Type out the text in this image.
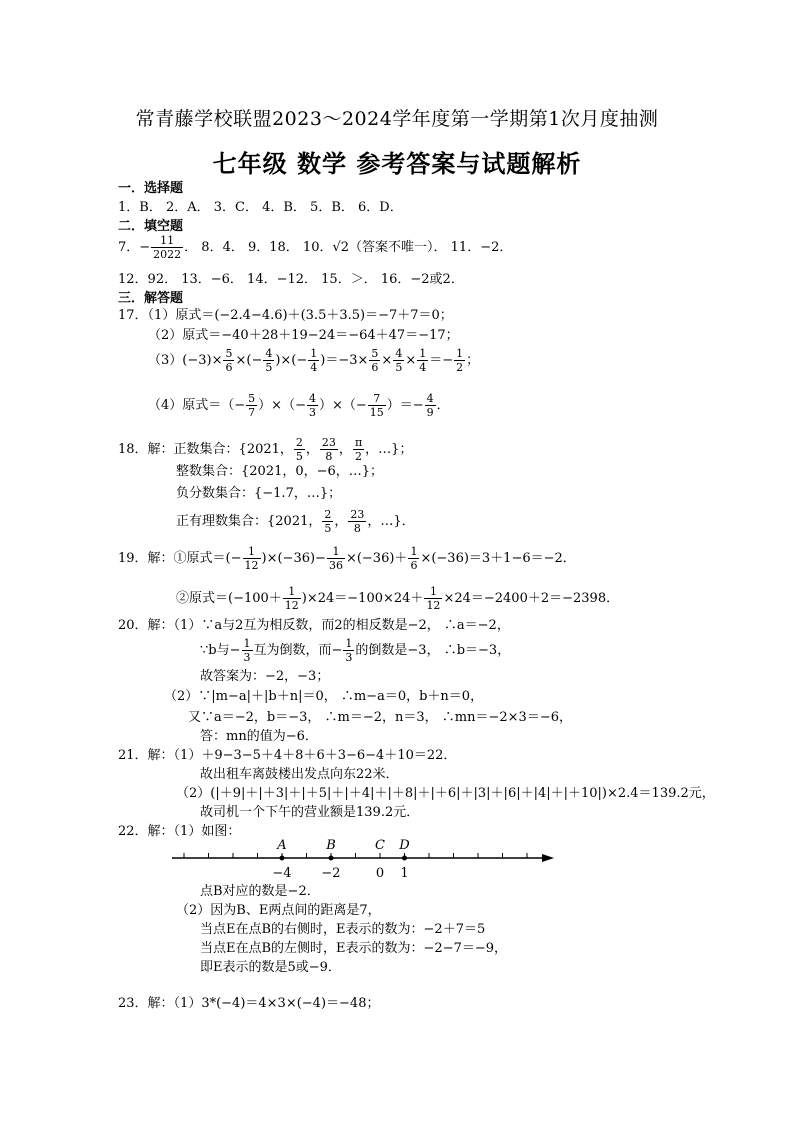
常青藤学校联盟2023～2024学年度第一学期第1次月度抽测
七年级 数学 参考答案与试题解析
一．选择题
1．B． 2．A． 3．C． 4．B． 5．B． 6．D．
二．填空题
7．− $\frac{11}{2022}$ ． 8．4． 9．18． 10．√2（答案不唯一）． 11．−2．
12．92． 13．−6． 14．−12． 15．＞． 16．−2或2．
三．解答题
17．（1）原式＝(−2.4−4.6)＋(3.5＋3.5)＝−7＋7＝0；
（2）原式＝−40＋28＋19−24＝−64＋47＝−17；
$(3)(-3)\times \frac{5}{6}$ ×(− $\frac{4}{5}$ )×(− $\frac{1}{4} )=-3\times \frac{5}{6} \times \frac{4}{5} \times \frac{1}{4} =- \frac{1}{2}$ ；
（4）原式＝（− $\frac{5}{7}$ ）×（− $\frac{4}{3}$ ）×（− $\frac{7}{15}$ ）＝− $\frac{4}{9}$ ．
18．解：正数集合：{2021， $\frac{2}{5}$ ， $\frac{23}{8}$ ， $\frac{\pi}{2}$ ，…}；
整数集合：{2021，0，−6，…}；
负分数集合：{−1.7，…}；
正有理数集合：{2021， $\frac{2}{5}$ ， $\frac{23}{8}$ ，…}．
19．解：①原式＝(− $\frac{1}{12} )\times(-36)- \frac{1}{36} \times(-36)+ \frac{1}{6} \times(-36)=3+1-6=-2$．
②原式$=(-100+ \frac{1}{12} )\times 24=-100\times 24+ \frac{1}{12} \times 24=-2400+2=-2398$．
20．解：（1）∵a与2互为相反数，而2的相反数是−2， ∴a＝−2，
∵b与− $\frac{1}{3}$ 互为倒数，而− $\frac{1}{3}$ 的倒数是−3， ∴b＝−3，
故答案为：−2，−3；
（2）∵|m−a|＋|b＋n|＝0， ∴m−a＝0，b＋n＝0，
又∵a＝−2，b＝−3， ∴m＝−2，n＝3， ∴mn＝−2×3＝−6，
答：mn的值为−6．
21．解：（1）＋9−3−5＋4＋8＋6＋3−6−4＋10＝22．
故出租车离鼓楼出发点向东22米．
（2）(|＋9|＋|＋3|＋|＋5|＋|＋4|＋|＋8|＋|＋6|＋|3|＋|6|＋|4|＋|＋10|)×2.4＝139.2元，
故司机一个下午的营业额是139.2元．
22．解：（1）如图：
A
−4
B
−2
C
0
D
1
点B对应的数是−2．
（2）因为B、E两点间的距离是7，
当点E在点B的右侧时，E表示的数为：−2＋7＝5
当点E在点B的左侧时，E表示的数为：−2−7＝−9，
即E表示的数是5或−9．
23．解：（1）3*(−4)＝4×3×(−4)＝−48；
